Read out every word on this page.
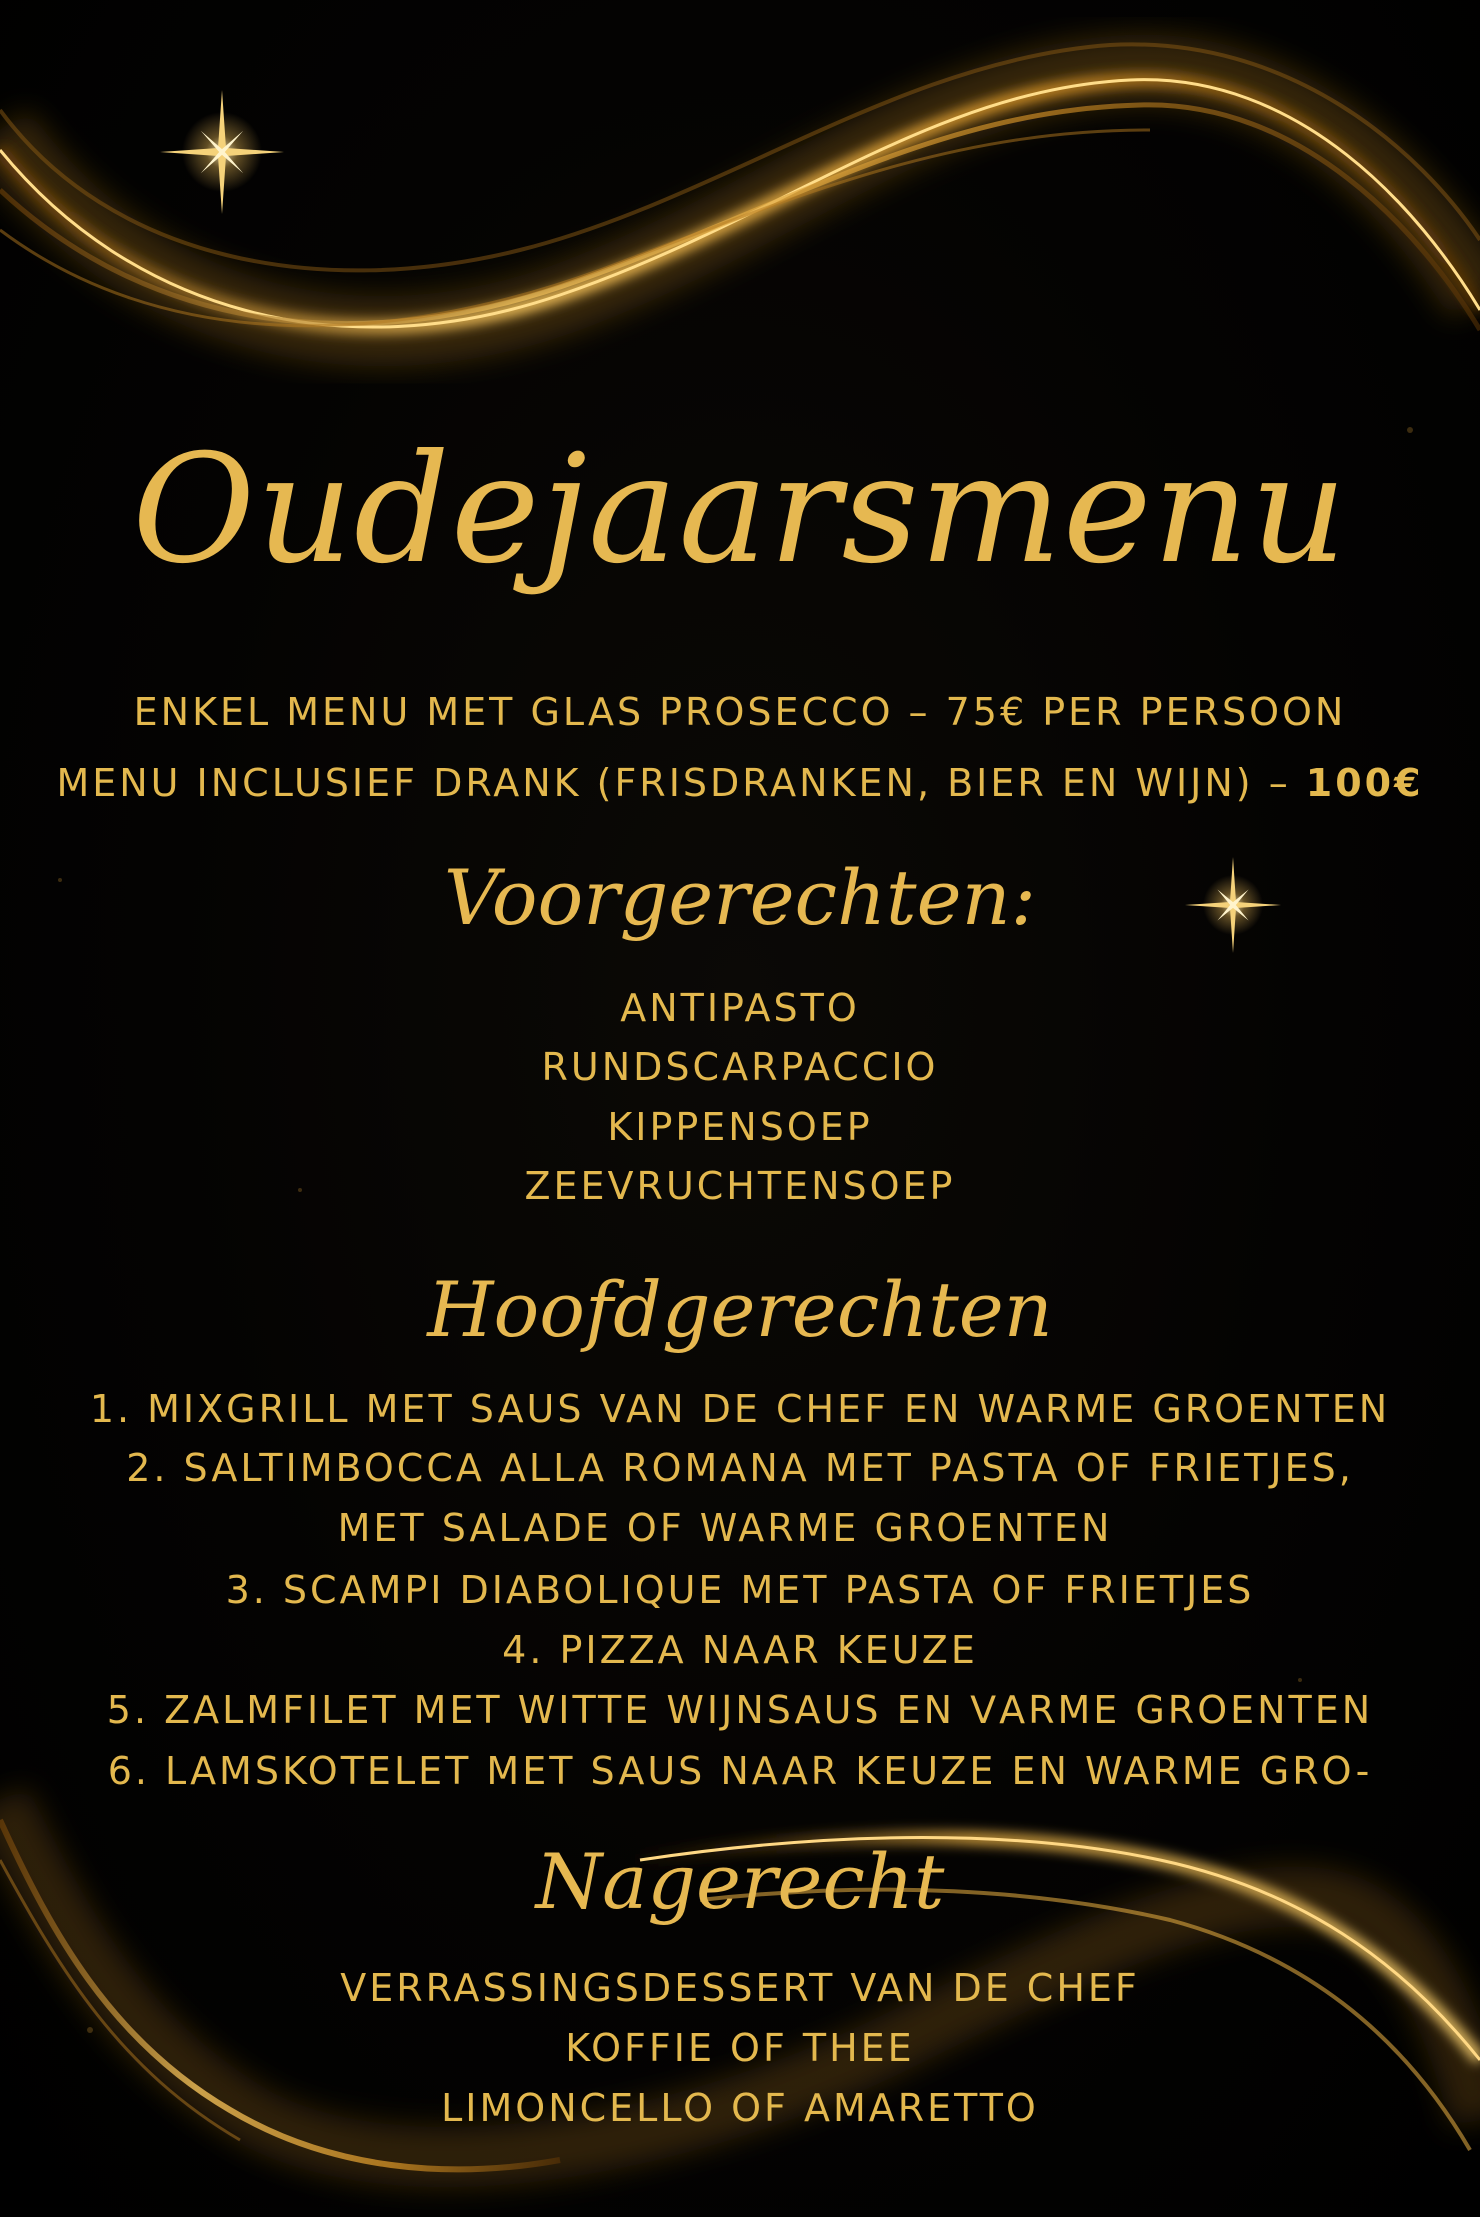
Oudejaarsmenu
ENKEL MENU MET GLAS PROSECCO – 75€ PER PERSOON
MENU INCLUSIEF DRANK (FRISDRANKEN, BIER EN WIJN) – 100€
Voorgerechten:
ANTIPASTO
RUNDSCARPACCIO
KIPPENSOEP
ZEEVRUCHTENSOEP
Hoofdgerechten
1. MIXGRILL MET SAUS VAN DE CHEF EN WARME GROENTEN
2. SALTIMBOCCA ALLA ROMANA MET PASTA OF FRIETJES,
MET SALADE OF WARME GROENTEN
3. SCAMPI DIABOLIQUE MET PASTA OF FRIETJES
4. PIZZA NAAR KEUZE
5. ZALMFILET MET WITTE WIJNSAUS EN ᐯARME GROENTEN
6. LAMSKOTELET MET SAUS NAAR KEUZE EN WARME GRO-
Nagerecht
VERRASSINGSDESSERT VAN DE CHEF
KOFFIE OF THEE
LIMONCELLO OF AMARETTO
